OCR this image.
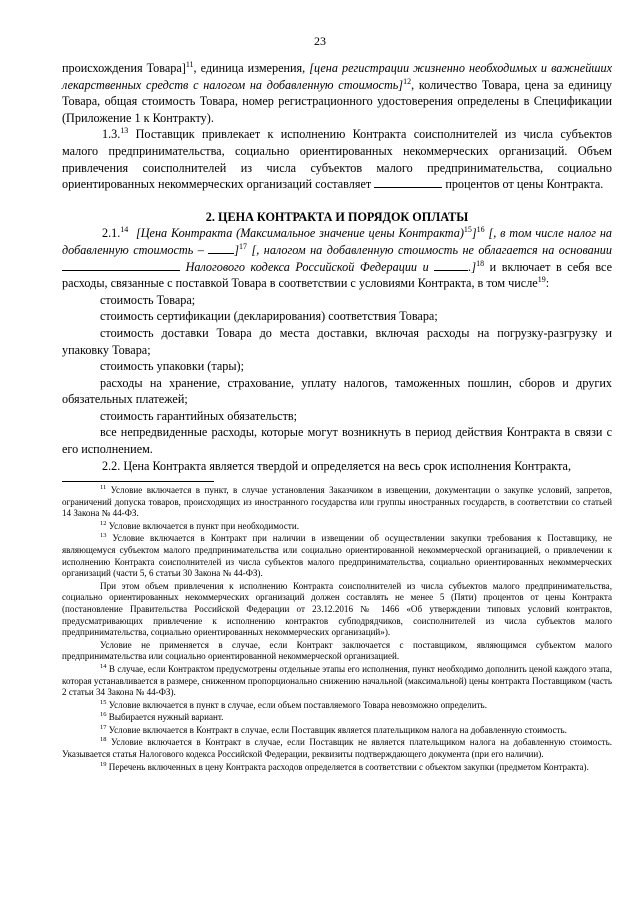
23

происхождения Товара]$^{11}$, единица измерения, [цена регистрации жизненно необходимых и важнейших лекарственных средств с налогом на добавленную стоимость]$^{12}$, количество Товара, цена за единицу Товара, общая стоимость Товара, номер регистрационного удостоверения определены в Спецификации (Приложение 1 к Контракту).

1.3.13 Поставщик привлекает к исполнению Контракта соисполнителей из числа субъектов малого предпринимательства, социально ориентированных некоммерческих организаций. Объем привлечения соисполнителей из числа субъектов малого предпринимательства, социально ориентированных некоммерческих организаций составляет	процентов от цены Контракта.

2. ЦЕНА КОНТРАКТА И ПОРЯДОК ОПЛАТЫ

2.1.14 [Цена Контракта (Максимальное значение цены Контракта)$^{15}$]$^{16}$ [, в том числе налог на добавленную стоимость – ]$^{17}$ [, налогом на добавленную стоимость не облагается на основании  Налогового кодекса Российской Федерации и	.]$^{18}$ и включает в себя все расходы, связанные с поставкой Товара в соответствии с условиями Контракта, в том числе$^{19}$:

стоимость Товара;

стоимость сертификации (декларирования) соответствия Товара;

стоимость доставки Товара до места доставки, включая расходы на погрузку-разгрузку и упаковку Товара;

стоимость упаковки (тары);

расходы на хранение, страхование, уплату налогов, таможенных пошлин, сборов и других обязательных платежей;

стоимость гарантийных обязательств;

все непредвиденные расходы, которые могут возникнуть в период действия Контракта в связи с его исполнением.

2.2. Цена Контракта является твердой и определяется на весь срок исполнения Контракта,

$^{11}$ Условие включается в пункт, в случае установления Заказчиком в извещении, документации о закупке условий, запретов, ограничений допуска товаров, происходящих из иностранного государства или группы иностранных государств, в соответствии со статьей 14 Закона № 44-ФЗ.

$^{12}$ Условие включается в пункт при необходимости.

$^{13}$ Условие включается в Контракт при наличии в извещении об осуществлении закупки требования к Поставщику, не являющемуся субъектом малого предпринимательства или социально ориентированной некоммерческой организацией, о привлечении к исполнению Контракта соисполнителей из числа субъектов малого предпринимательства, социально ориентированных некоммерческих организаций (части 5, 6 статьи 30 Закона № 44-ФЗ).

При этом объем привлечения к исполнению Контракта соисполнителей из числа субъектов малого предпринимательства, социально ориентированных некоммерческих организаций должен составлять не менее 5 (Пяти) процентов от цены Контракта (постановление Правительства Российской Федерации от 23.12.2016 № 1466 «Об утверждении типовых условий контрактов, предусматривающих привлечение к исполнению контрактов субподрядчиков, соисполнителей из числа субъектов малого предпринимательства, социально ориентированных некоммерческих организаций»).

Условие не применяется в случае, если Контракт заключается с поставщиком, являющимся субъектом малого предпринимательства или социально ориентированной некоммерческой организацией.

$^{14}$ В случае, если Контрактом предусмотрены отдельные этапы его исполнения, пункт необходимо дополнить ценой каждого этапа, которая устанавливается в размере, сниженном пропорционально снижению начальной (максимальной) цены контракта Поставщиком (часть 2 статьи 34 Закона № 44-ФЗ).

$^{15}$ Условие включается в пункт в случае, если объем поставляемого Товара невозможно определить.

$^{16}$ Выбирается нужный вариант.

$^{17}$ Условие включается в Контракт в случае, если Поставщик является плательщиком налога на добавленную стоимость.

$^{18}$ Условие включается в Контракт в случае, если Поставщик не является плательщиком налога на добавленную стоимость. Указывается статья Налогового кодекса Российской Федерации, реквизиты подтверждающего документа (при его наличии).

$^{19}$ Перечень включенных в цену Контракта расходов определяется в соответствии с объектом закупки (предметом Контракта).
